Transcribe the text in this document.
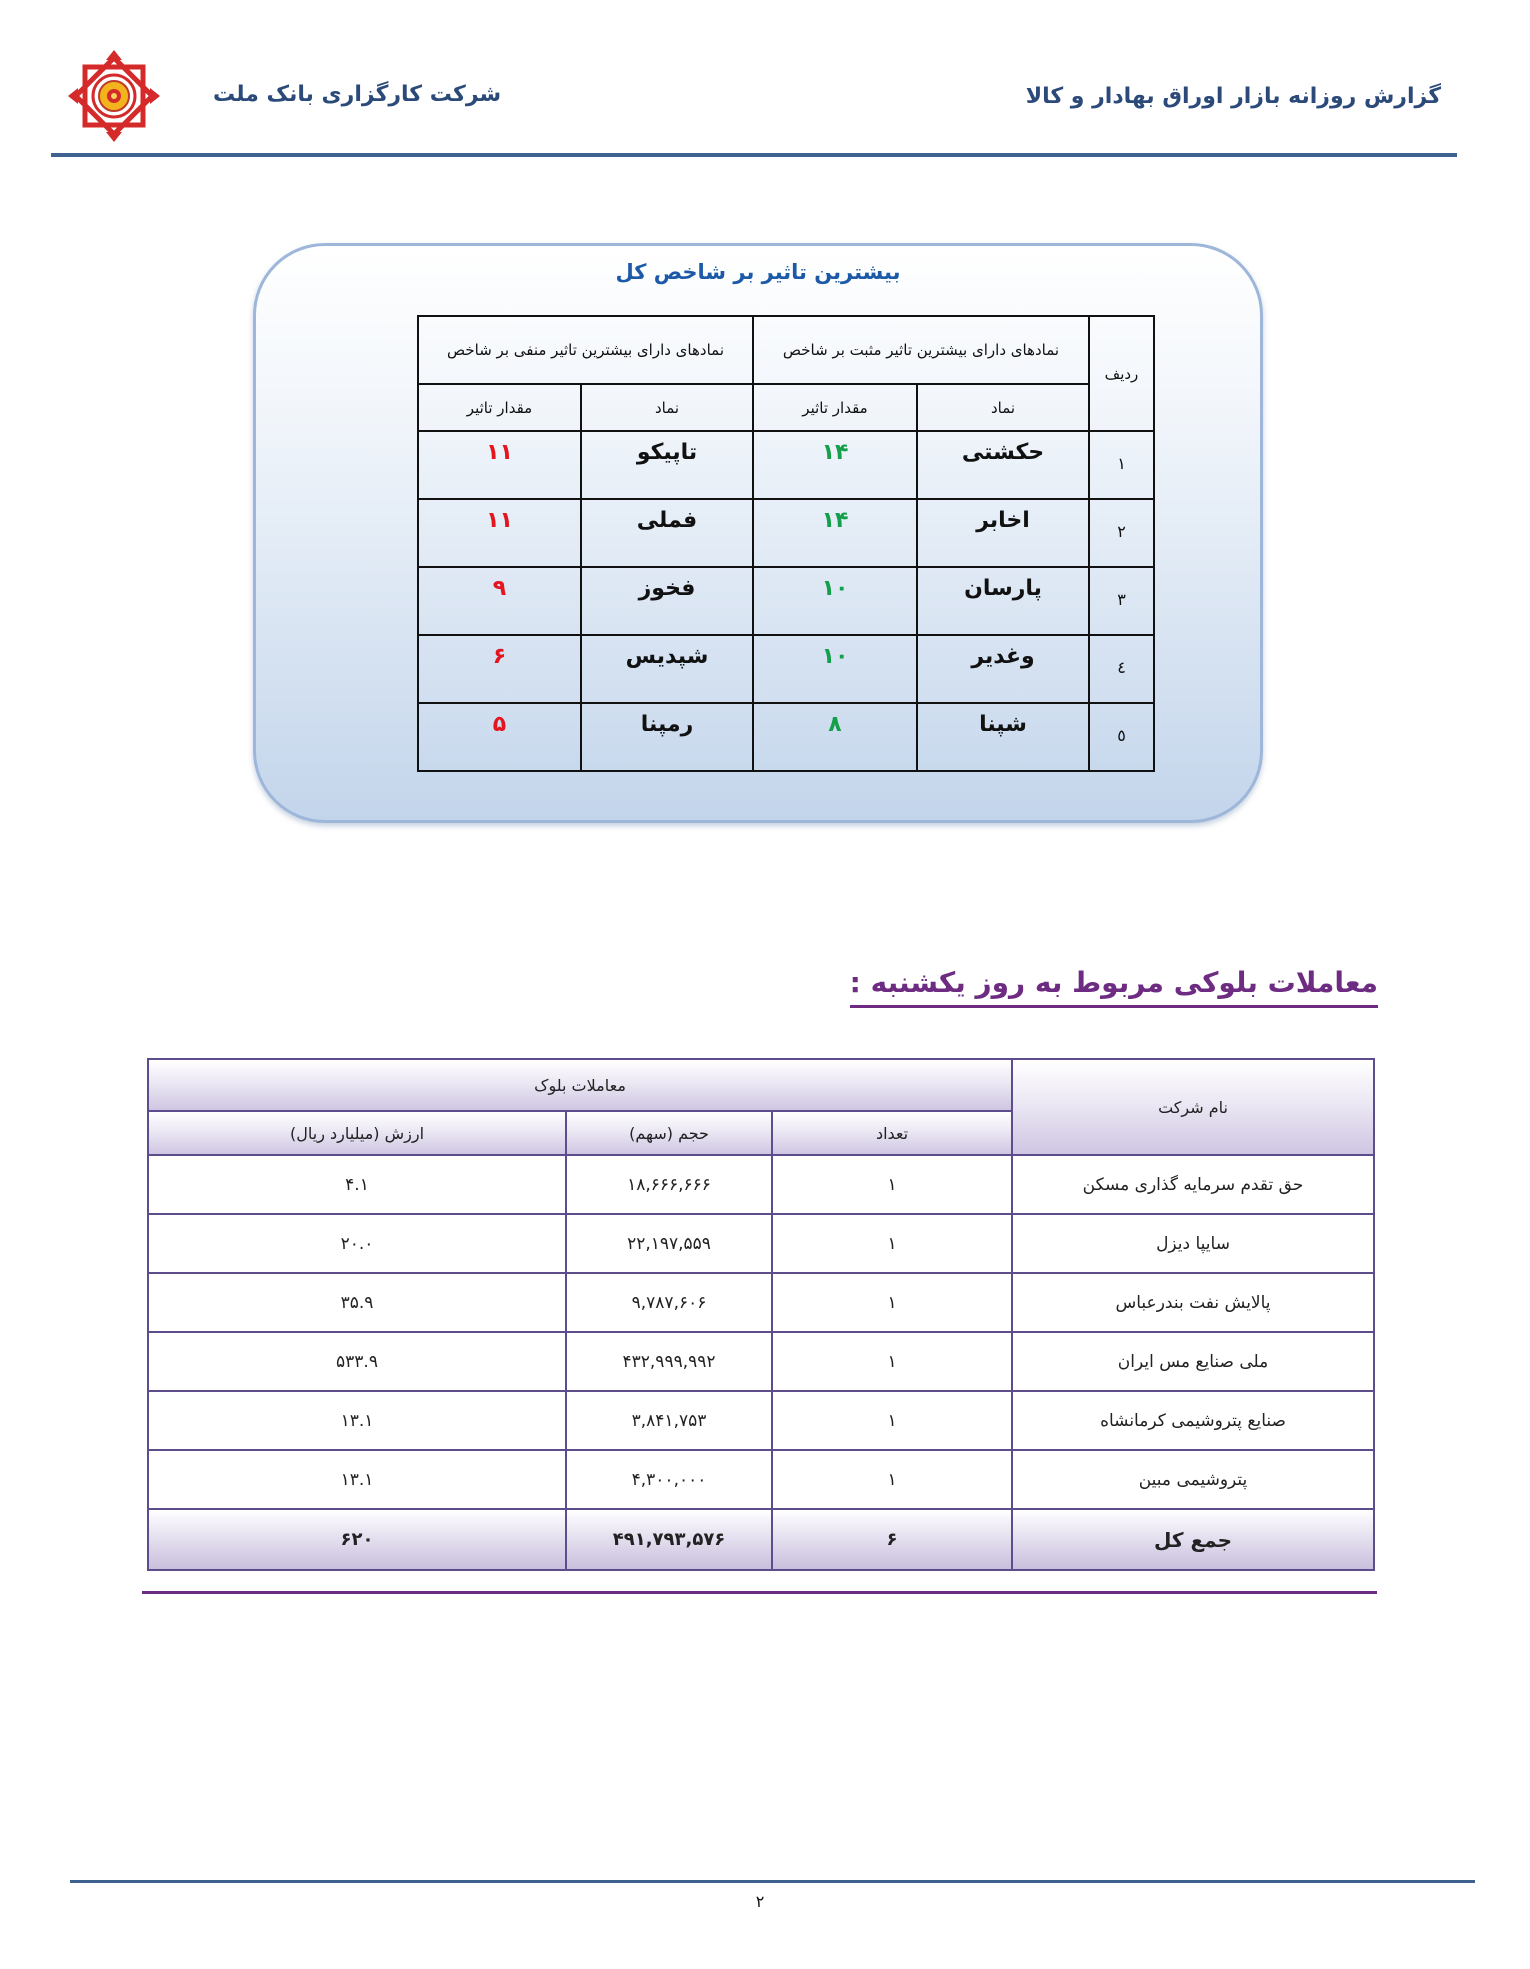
شرکت کارگزاری بانک ملت	گزارش روزانه بازار اوراق بهادار و کالا
بیشترین تاثیر بر شاخص کل
ردیف	نمادهای دارای بیشترین تاثیر مثبت بر شاخص		نمادهای دارای بیشترین تاثیر منفی بر شاخص	
	نماد	مقدار تاثیر	نماد	مقدار تاثیر
۱	حکشتی	۱۴	تاپیکو	۱۱
۲	اخابر	۱۴	فملی	۱۱
۳	پارسان	۱۰	فخوز	۹
٤	وغدیر	۱۰	شپدیس	۶
٥	شپنا	۸	رمپنا	۵
معاملات بلوکی مربوط به روز یکشنبه :
نام شرکت	معاملات بلوک		
	تعداد	حجم (سهم)	ارزش (میلیارد ریال)
حق تقدم سرمایه گذاری مسکن	۱	۱۸,۶۶۶,۶۶۶	۴.۱
سایپا دیزل	۱	۲۲,۱۹۷,۵۵۹	۲۰.۰
پالایش نفت بندرعباس	۱	۹,۷۸۷,۶۰۶	۳۵.۹
ملی صنایع مس ایران	۱	۴۳۲,۹۹۹,۹۹۲	۵۳۳.۹
صنایع پتروشیمی کرمانشاه	۱	۳,۸۴۱,۷۵۳	۱۳.۱
پتروشیمی مبین	۱	۴,۳۰۰,۰۰۰	۱۳.۱
جمع کل	۶	۴۹۱,۷۹۳,۵۷۶	۶۲۰
۲
